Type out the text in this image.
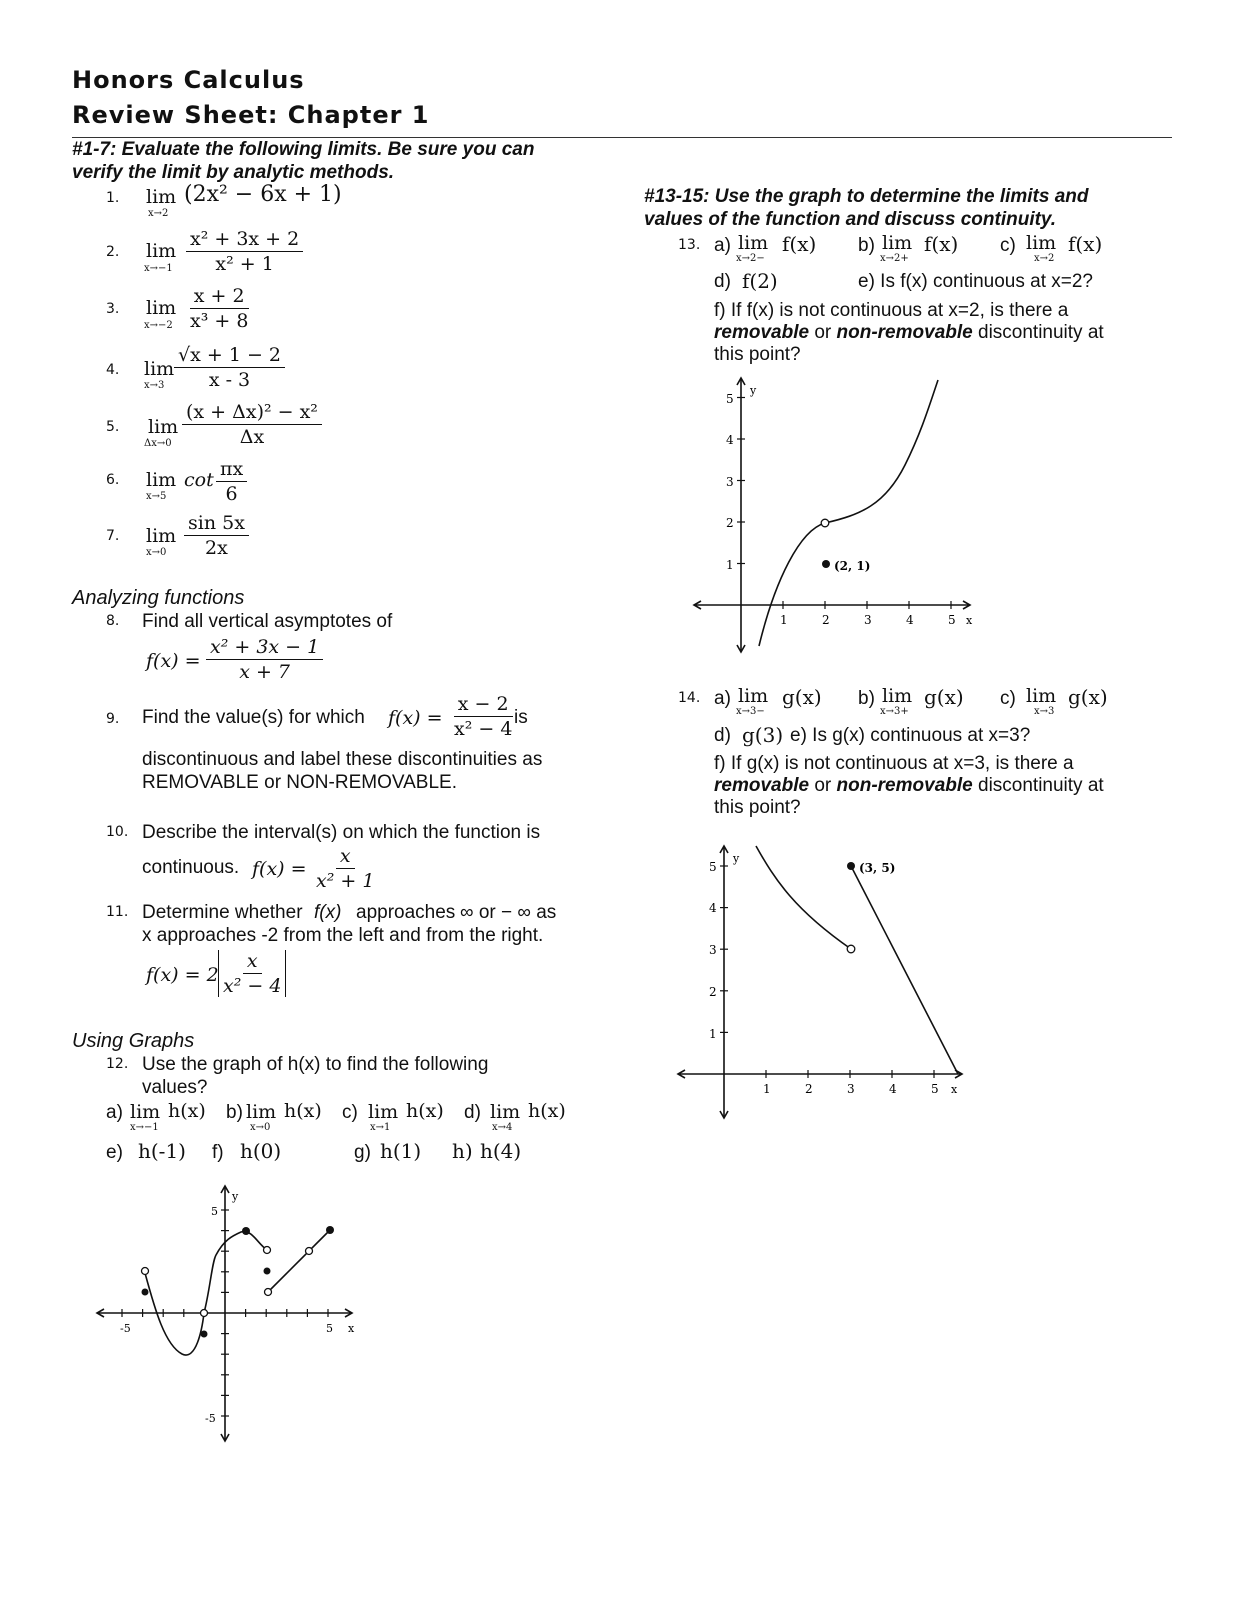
Honors Calculus
Review Sheet: Chapter 1
#1-7: Evaluate the following limits. Be sure you can
verify the limit by analytic methods.
1. lim
x→2
(2x² − 6x + 1)
2. lim
$x\to-1 \frac{\text{x² + 3x + 2}}{\text{x² + 1}}$
3. lim
$x\to-2 \frac{x + 2}{\text{x³ + 8}}$
4. lim
$x\to 3 \frac{√x + 1 - 2}{x - 3}$
5. lim
$\Delta x\to 0 \frac{\text{(x + Δx)² − x²}}{\Delta x}$
6. lim
x→5
$\cot \frac{\pi x}{6}$
7. lim
$x\to 0 \frac{\sin 5x}{2x}$
Analyzing functions
8. Find all vertical asymptotes of
$f(x) = \frac{\text{x² + 3x − 1}}{x + 7}$
9. Find the value(s) for which $f(x) = \frac{x - 2}{\text{x² − 4}}$
is
discontinuous and label these discontinuities as
REMOVABLE or NON-REMOVABLE.
10. Describe the interval(s) on which the function is
continuous. $f(x) = \frac{x}{\text{x² + 1}}$
11. Determine whether f(x) approaches ∞ or − ∞ as
x approaches -2 from the left and from the right.
$f(x) = 2 \frac{x}{\text{x² − 4}}$
Using Graphs
12. Use the graph of h(x) to find the following
values?
a) lim
x→−1
h(x) b) lim
x→0
h(x) c) lim
x→1
h(x) d) lim
x→4
h(x)
e) h(-1) f) h(0)	g) h(1) h) h(4)
y
x
5
5
-5
-5
#13-15: Use the graph to determine the limits and
values of the function and discuss continuity.
13. a) lim
x→2−
f(x) b) lim
x→2+
f(x) c) lim
x→2
f(x)
d) f(2)	e) Is f(x) continuous at x=2?
f) If f(x) is not continuous at x=2, is there a
removable or non-removable discontinuity at
this point?
y
x
1	2	3	4	5
1
2
3
4
5
(2, 1)
14. a) lim
x→3−
g(x) b) lim
x→3+
g(x) c) lim
x→3
g(x)
d) g(3) e) Is g(x) continuous at x=3?
f) If g(x) is not continuous at x=3, is there a
removable or non-removable discontinuity at
this point?
y
x
1	2	3	4	5
1
2
3
4
5	(3, 5)
